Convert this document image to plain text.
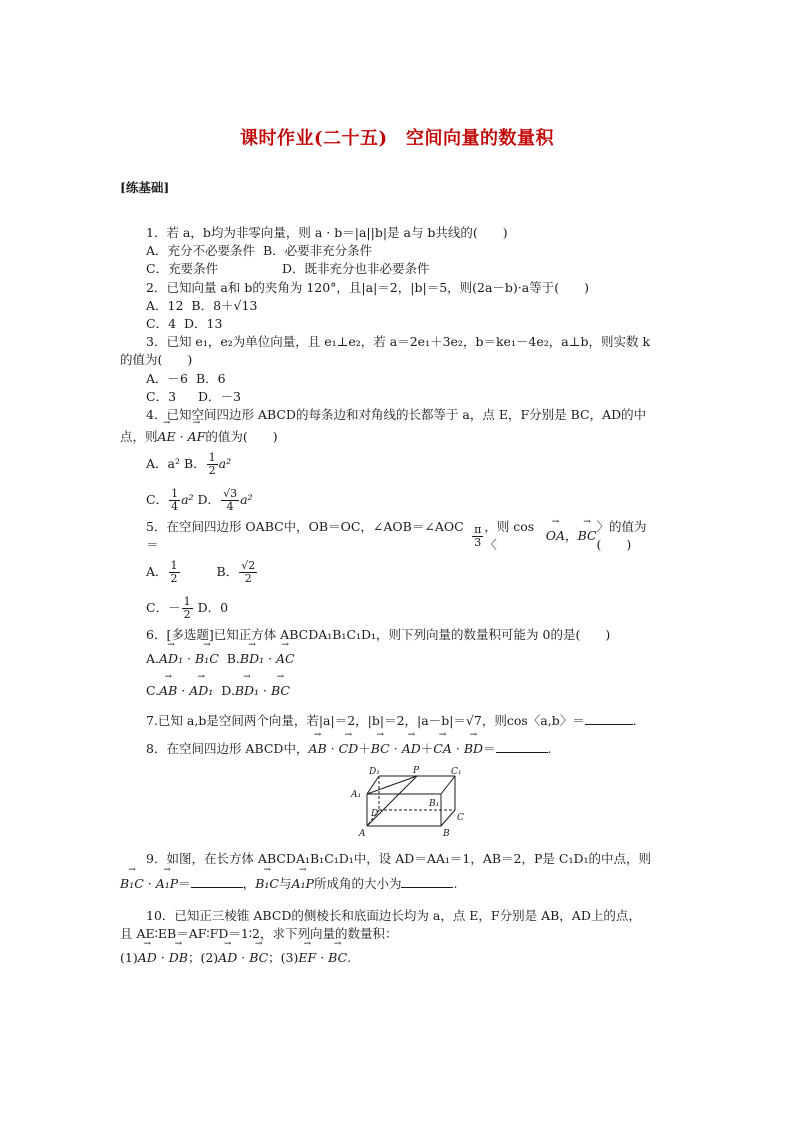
课时作业(二十五)　空间向量的数量积
[练基础]
1．若 a，b均为非零向量，则 a · b＝|a||b|是 a与 b共线的(　　)
A．充分不必要条件 B．必要非充分条件
C．充要条件	D．既非充分也非必要条件
2．已知向量 a和 b的夹角为 120°，且|a|＝2，|b|＝5，则(2a－b)·a等于(　　)
A．12 B．8＋√13
C．4 D．13
3．已知 e₁，e₂为单位向量，且 e₁⊥e₂，若 a＝2e₁＋3e₂，b＝ke₁－4e₂，a⊥b，则实数 k
的值为(　　)
A．－6 B．6
C．3 D．－3
4．已知空间四边形 ABCD的每条边和对角线的长都等于 a，点 E，F分别是 BC，AD的中
点，则→ AE · → AF的值为(　　)
A．a²
B． $\frac{1}{2} a^2$
C． $\frac{1}{4} a^2$
D． $\frac{√3}{4} a^2$
5．在空间四边形 OABC中，OB＝OC，∠AOB＝∠AOC＝	$\frac{\pi}{3}$ ，则 cos〈
→ OA ， → BC
〉的值为(　　)
A． $\frac{1}{2}$	B． $\frac{√2}{2}$
C．－ $\frac{1}{2}$
D．0
6．[多选题]已知正方体 ABCDA₁B₁C₁D₁，则下列向量的数量积可能为 0的是(　　)
A.→ AD₁ · → B₁C B.→ BD₁ · → AC
C.→ AB · → AD₁ D.→ BD₁ · → BC
7.已知 a,b是空间两个向量，若|a|＝2，|b|＝2，|a－b|＝√7，则cos〈a,b〉＝	.
8．在空间四边形 ABCD中，→ AB · → CD＋→ BC · → AD＋→ CA · → BD＝	.
D₁	P	C₁
A₁
B₁
D	C
A	B
9．如图，在长方体 ABCDA₁B₁C₁D₁中，设 AD＝AA₁＝1，AB＝2，P是 C₁D₁的中点，则
→ B₁C · → A₁P＝	，→ B₁C与→ A₁P所成角的大小为	.
10．已知正三棱锥 ABCD的侧棱长和底面边长均为 a，点 E，F分别是 AB，AD上的点，
且 AE∶EB＝AF∶FD＝1∶2，求下列向量的数量积：
(1)→ AD · → DB；(2)→ AD · → BC；(3)→ EF · → BC.
